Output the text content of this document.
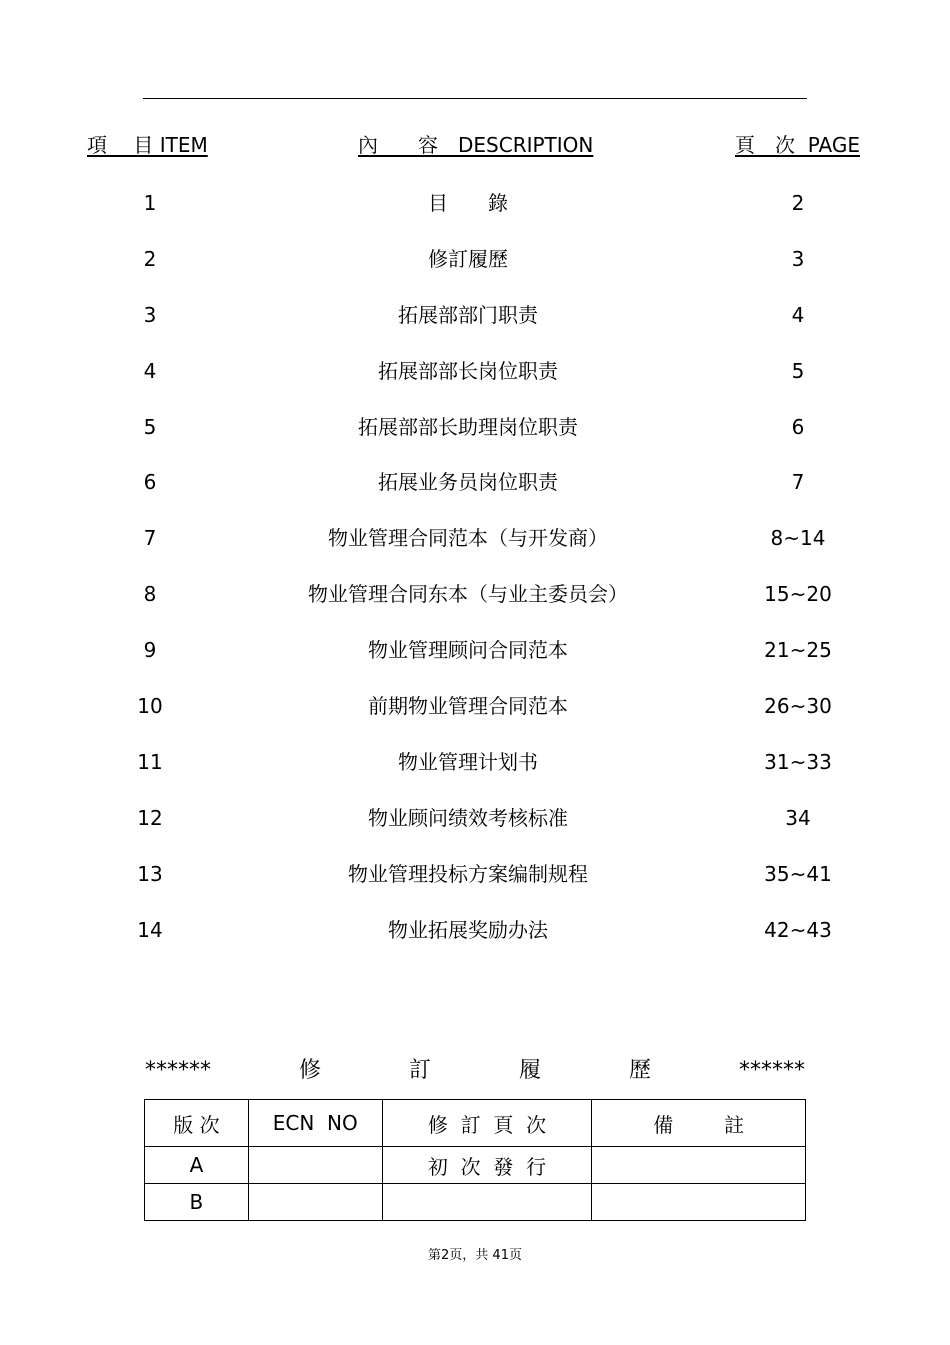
項　 目 ITEM	內　　容　DESCRIPTION	頁　次  PAGE
1	目　　錄	2
2	修訂履歷	3
3	拓展部部门职责	4
4	拓展部部长岗位职责	5
5	拓展部部长助理岗位职责	6
6	拓展业务员岗位职责	7
7	物业管理合同范本（与开发商）	8~14
8	物业管理合同东本（与业主委员会）	15~20
9	物业管理顾问合同范本	21~25
10	前期物业管理合同范本	26~30
11	物业管理计划书	31~33
12	物业顾问绩效考核标准	34
13	物业管理投标方案编制规程	35~41
14	物业拓展奖励办法	42~43
******	修	訂	履	歷	******
版 次	ECN  NO	修  訂  頁  次	備        註
A		初  次  發  行	
B			
第2页，共 41页
